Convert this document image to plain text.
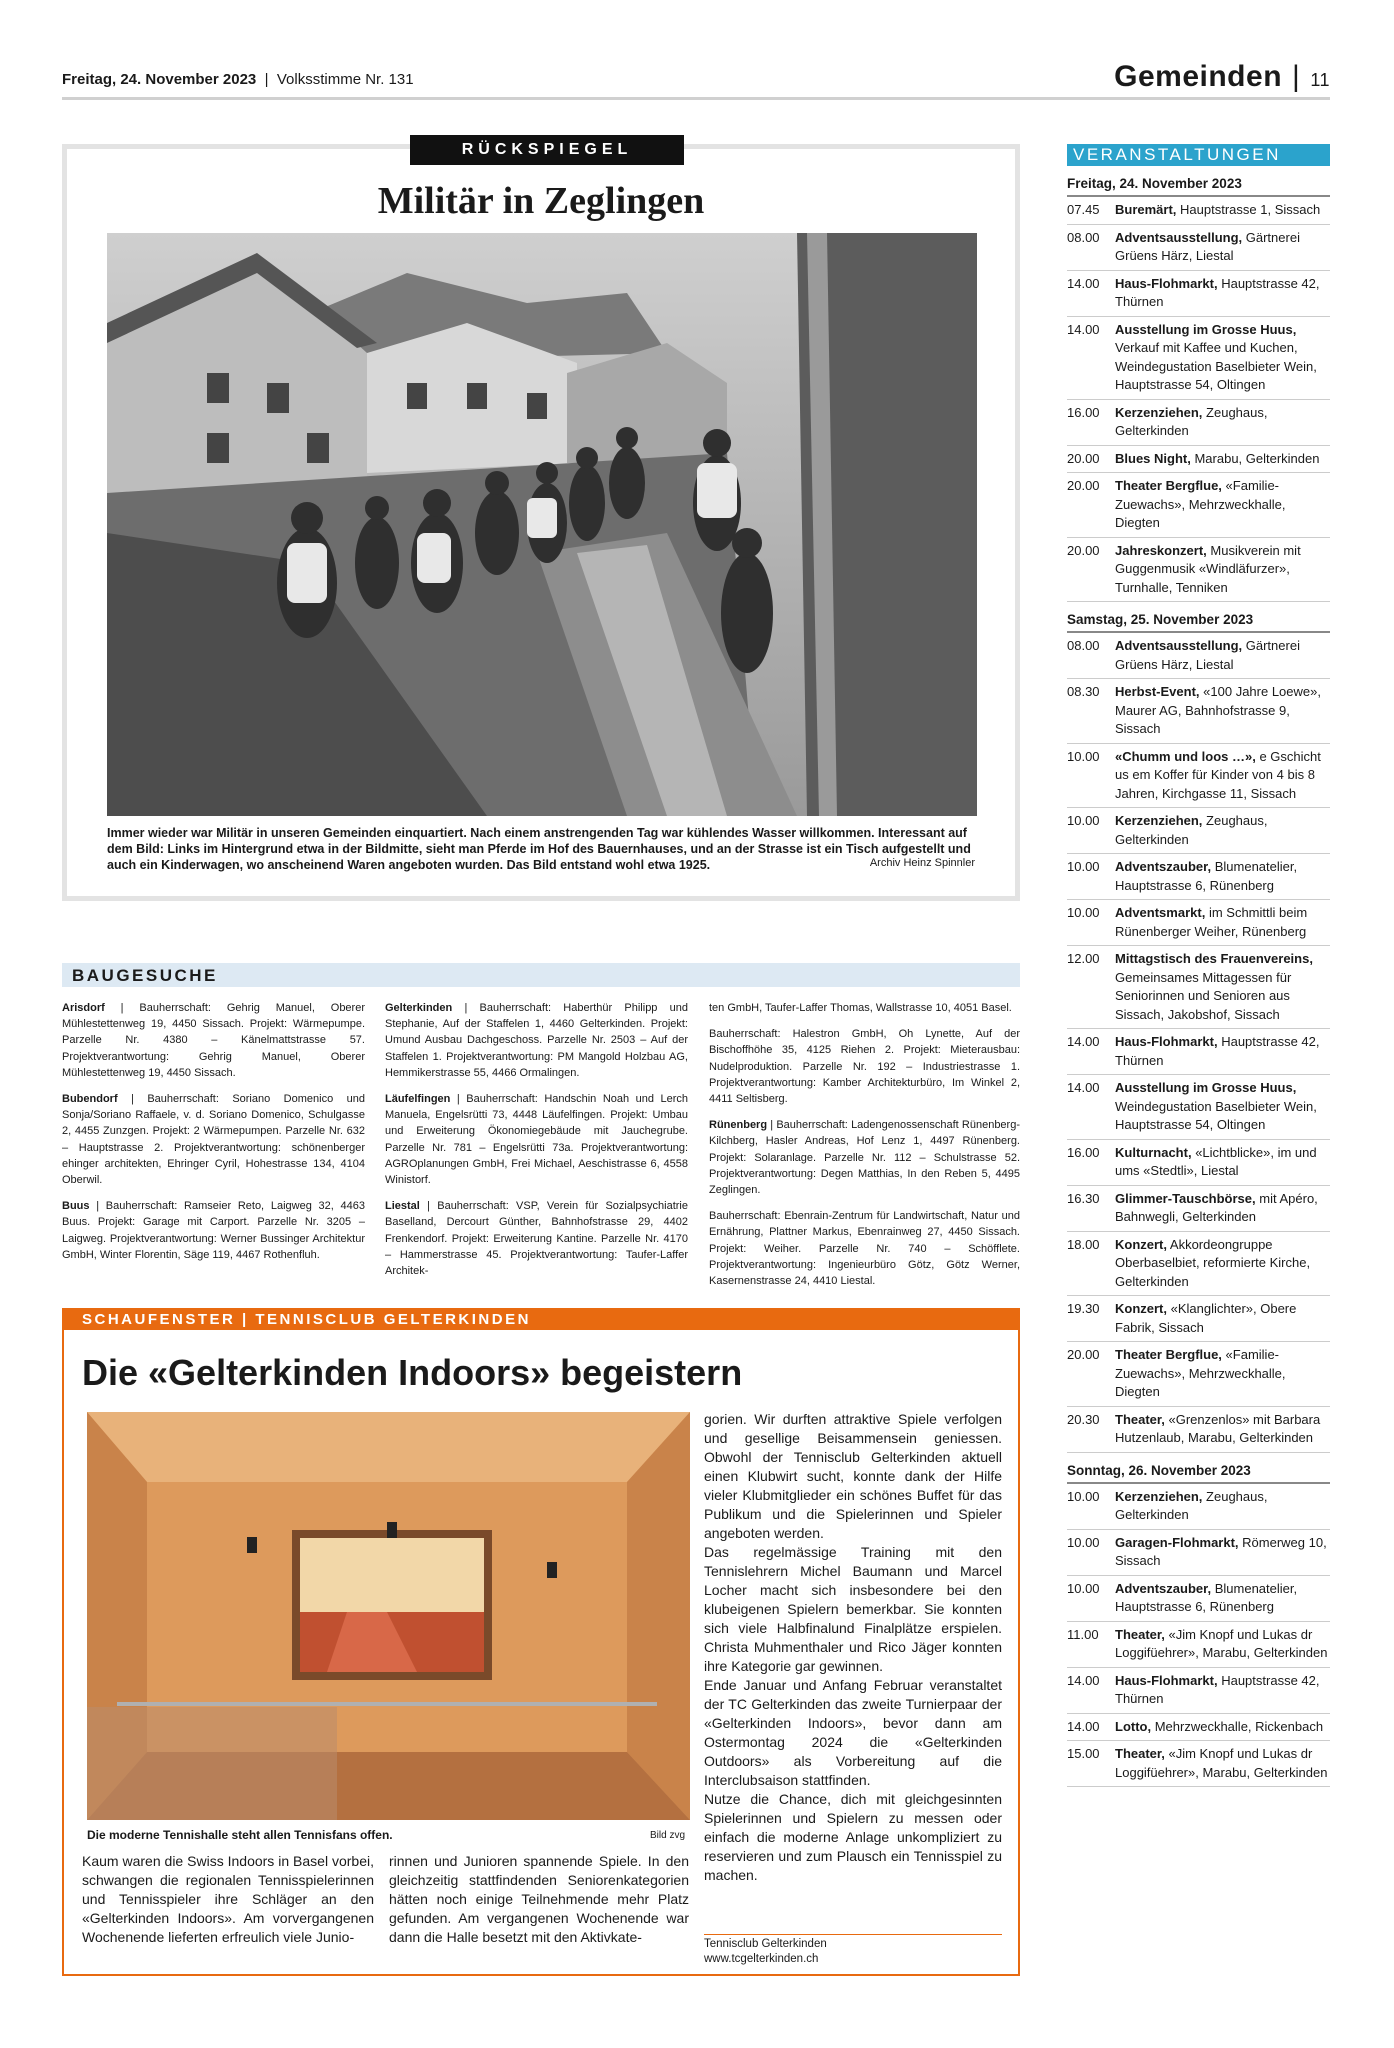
Freitag, 24. November 2023 | Volksstimme Nr. 131	Gemeinden | 11
RÜCKSPIEGEL
Militär in Zeglingen
Immer wieder war Militär in unseren Gemeinden einquartiert. Nach einem anstrengenden Tag war kühlendes Wasser willkommen. Interessant auf dem Bild: Links im Hintergrund etwa in der Bildmitte, sieht man Pferde im Hof des Bauernhauses, und an der Strasse ist ein Tisch aufgestellt und auch ein Kinderwagen, wo anscheinend Waren angeboten wurden. Das Bild entstand wohl etwa 1925.	Archiv Heinz Spinnler
BAUGESUCHE

Arisdorf | Bauherrschaft: Gehrig Manuel, Oberer Mühlestettenweg 19, 4450 Sissach. Projekt: Wärmepumpe. Parzelle Nr. 4380 – Känelmattstrasse 57. Projektverantwortung: Gehrig Manuel, Oberer Mühlestettenweg 19, 4450 Sissach.

Bubendorf | Bauherrschaft: Soriano Domenico und Sonja/Soriano Raffaele, v. d. Soriano Domenico, Schulgasse 2, 4455 Zunzgen. Projekt: 2 Wärmepumpen. Parzelle Nr. 632 – Hauptstrasse 2. Projektverantwortung: schönenberger ehinger architekten, Ehringer Cyril, Hohestrasse 134, 4104 Oberwil.

Buus | Bauherrschaft: Ramseier Reto, Laigweg 32, 4463 Buus. Projekt: Garage mit Carport. Parzelle Nr. 3205 – Laigweg. Projektverantwortung: Werner Bussinger Architektur GmbH, Winter Florentin, Säge 119, 4467 Rothenfluh.

Gelterkinden | Bauherrschaft: Haberthür Philipp und Stephanie, Auf der Staffelen 1, 4460 Gelterkinden. Projekt: Umund Ausbau Dachgeschoss. Parzelle Nr. 2503 – Auf der Staffelen 1. Projektverantwortung: PM Mangold Holzbau AG, Hemmikerstrasse 55, 4466 Ormalingen.

Läufelfingen | Bauherrschaft: Handschin Noah und Lerch Manuela, Engelsrütti 73, 4448 Läufelfingen. Projekt: Umbau und Erweiterung Ökonomiegebäude mit Jauchegrube. Parzelle Nr. 781 – Engelsrütti 73a. Projektverantwortung: AGROplanungen GmbH, Frei Michael, Aeschistrasse 6, 4558 Winistorf.

Liestal | Bauherrschaft: VSP, Verein für Sozialpsychiatrie Baselland, Dercourt Günther, Bahnhofstrasse 29, 4402 Frenkendorf. Projekt: Erweiterung Kantine. Parzelle Nr. 4170 – Hammerstrasse 45. Projektverantwortung: Taufer-Laffer Architek-

ten GmbH, Taufer-Laffer Thomas, Wallstrasse 10, 4051 Basel.

Bauherrschaft: Halestron GmbH, Oh Lynette, Auf der Bischoffhöhe 35, 4125 Riehen 2. Projekt: Mieterausbau: Nudelproduktion. Parzelle Nr. 192 – Industriestrasse 1. Projektverantwortung: Kamber Architekturbüro, Im Winkel 2, 4411 Seltisberg.

Rünenberg | Bauherrschaft: Ladengenossenschaft Rünenberg-Kilchberg, Hasler Andreas, Hof Lenz 1, 4497 Rünenberg. Projekt: Solaranlage. Parzelle Nr. 112 – Schulstrasse 52. Projektverantwortung: Degen Matthias, In den Reben 5, 4495 Zeglingen.

Bauherrschaft: Ebenrain-Zentrum für Landwirtschaft, Natur und Ernährung, Plattner Markus, Ebenrainweg 27, 4450 Sissach. Projekt: Weiher. Parzelle Nr. 740 – Schöfflete. Projektverantwortung: Ingenieurbüro Götz, Götz Werner, Kasernenstrasse 24, 4410 Liestal.

SCHAUFENSTER | TENNISCLUB GELTERKINDEN
Die «Gelterkinden Indoors» begeistern
Die moderne Tennishalle steht allen Tennisfans offen.	Bild zvg
Kaum waren die Swiss Indoors in Basel vorbei, schwangen die regionalen Tennisspielerinnen und Tennisspieler ihre Schläger an den «Gelterkinden Indoors». Am vorvergangenen Wochenende lieferten erfreulich viele Junio-
rinnen und Junioren spannende Spiele. In den gleichzeitig stattfindenden Seniorenkategorien hätten noch einige Teilnehmende mehr Platz gefunden. Am vergangenen Wochenende war dann die Halle besetzt mit den Aktivkate-
gorien. Wir durften attraktive Spiele verfolgen und gesellige Beisammensein geniessen. Obwohl der Tennisclub Gelterkinden aktuell einen Klubwirt sucht, konnte dank der Hilfe vieler Klubmitglieder ein schönes Buffet für das Publikum und die Spielerinnen und Spieler angeboten werden.
Das regelmässige Training mit den Tennislehrern Michel Baumann und Marcel Locher macht sich insbesondere bei den klubeigenen Spielern bemerkbar. Sie konnten sich viele Halbfinalund Finalplätze erspielen. Christa Muhmenthaler und Rico Jäger konnten ihre Kategorie gar gewinnen.
Ende Januar und Anfang Februar veranstaltet der TC Gelterkinden das zweite Turnierpaar der «Gelterkinden Indoors», bevor dann am Ostermontag 2024 die «Gelterkinden Outdoors» als Vorbereitung auf die Interclubsaison stattfinden.
Nutze die Chance, dich mit gleichgesinnten Spielerinnen und Spielern zu messen oder einfach die moderne Anlage unkompliziert zu reservieren und zum Plausch ein Tennisspiel zu machen.
Tennisclub Gelterkinden
www.tcgelterkinden.ch
VERANSTALTUNGEN
Freitag, 24. November 2023
07.45	Buremärt, Hauptstrasse 1, Sissach
08.00	Adventsausstellung, Gärtnerei Grüens Härz, Liestal
14.00	Haus-Flohmarkt, Hauptstrasse 42, Thürnen
14.00	Ausstellung im Grosse Huus, Verkauf mit Kaffee und Kuchen, Weindegustation Baselbieter Wein, Hauptstrasse 54, Oltingen
16.00	Kerzenziehen, Zeughaus, Gelterkinden
20.00	Blues Night, Marabu, Gelterkinden
20.00	Theater Bergflue, «Familie-Zuewachs», Mehrzweckhalle, Diegten
20.00	Jahreskonzert, Musikverein mit Guggenmusik «Windläfurzer», Turnhalle, Tenniken
Samstag, 25. November 2023
08.00	Adventsausstellung, Gärtnerei Grüens Härz, Liestal
08.30	Herbst-Event, «100 Jahre Loewe», Maurer AG, Bahnhofstrasse 9, Sissach
10.00	«Chumm und loos …», e Gschicht us em Koffer für Kinder von 4 bis 8 Jahren, Kirchgasse 11, Sissach
10.00	Kerzenziehen, Zeughaus, Gelterkinden
10.00	Adventszauber, Blumenatelier, Hauptstrasse 6, Rünenberg
10.00	Adventsmarkt, im Schmittli beim Rünenberger Weiher, Rünenberg
12.00	Mittagstisch des Frauenvereins, Gemeinsames Mittagessen für Seniorinnen und Senioren aus Sissach, Jakobshof, Sissach
14.00	Haus-Flohmarkt, Hauptstrasse 42, Thürnen
14.00	Ausstellung im Grosse Huus, Weindegustation Baselbieter Wein, Hauptstrasse 54, Oltingen
16.00	Kulturnacht, «Lichtblicke», im und ums «Stedtli», Liestal
16.30	Glimmer-Tauschbörse, mit Apéro, Bahnwegli, Gelterkinden
18.00	Konzert, Akkordeongruppe Oberbaselbiet, reformierte Kirche, Gelterkinden
19.30	Konzert, «Klanglichter», Obere Fabrik, Sissach
20.00	Theater Bergflue, «Familie-Zuewachs», Mehrzweckhalle, Diegten
20.30	Theater, «Grenzenlos» mit Barbara Hutzenlaub, Marabu, Gelterkinden
Sonntag, 26. November 2023
10.00	Kerzenziehen, Zeughaus, Gelterkinden
10.00	Garagen-Flohmarkt, Römerweg 10, Sissach
10.00	Adventszauber, Blumenatelier, Hauptstrasse 6, Rünenberg
11.00	Theater, «Jim Knopf und Lukas dr Loggifüehrer», Marabu, Gelterkinden
14.00	Haus-Flohmarkt, Hauptstrasse 42, Thürnen
14.00	Lotto, Mehrzweckhalle, Rickenbach
15.00	Theater, «Jim Knopf und Lukas dr Loggifüehrer», Marabu, Gelterkinden
